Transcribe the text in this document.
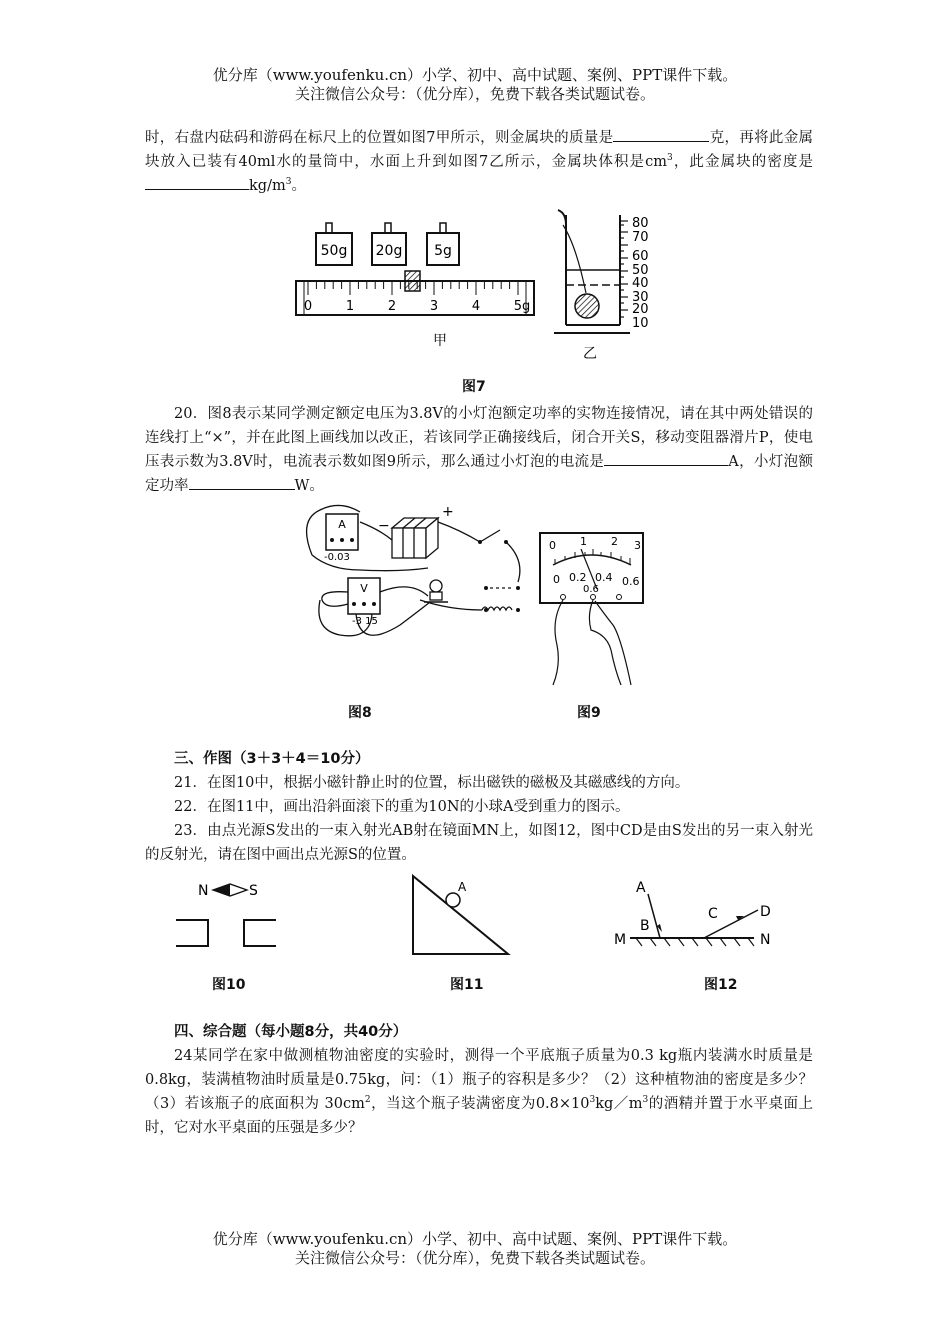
优分库（www.youfenku.cn）小学、初中、高中试题、案例、PPT课件下载。
关注微信公众号：（优分库），免费下载各类试题试卷。
时，右盘内砝码和游码在标尺上的位置如图7甲所示，则金属块的质量是	克，再将此金属块放入已装有40ml水的量筒中，水面上升到如图7乙所示，金属块体积是$cm^3$，此金属块的密度是$kg/m^3$。
50g 20g 5g
0	1	2	3	4	5g
甲
80
70
60
50
40
30
20
10
乙
图7
20．图8表示某同学测定额定电压为3.8V的小灯泡额定功率的实物连接情况，请在其中两处错误的连线打上“×”，并在此图上画线加以改正，若该同学正确接线后，闭合开关S，移动变阻器滑片P，使电压表示数为3.8V时，电流表示数如图9所示，那么通过小灯泡的电流是	A，小灯泡额定功率	W。
A
-0.03
−
+
V
-3 15
图8
0 1 2 3
0 0.2 0.4 0.6
0.6
图9
三、作图（3＋3＋4＝10分）
21．在图10中，根据小磁针静止时的位置，标出磁铁的磁极及其磁感线的方向。
22．在图11中，画出沿斜面滚下的重为10N的小球A受到重力的图示。
23．由点光源S发出的一束入射光AB射在镜面MN上，如图12，图中CD是由S发出的另一束入射光的反射光，请在图中画出点光源S的位置。
N	S
图10
A
图11
M	N
A
B
C	D
图12
四、综合题（每小题8分，共40分）
24某同学在家中做测植物油密度的实验时，测得一个平底瓶子质量为0.3 kg瓶内装满水时质量是0.8kg，装满植物油时质量是0.75kg，问：（1）瓶子的容积是多少？（2）这种植物油的密度是多少？（3）若该瓶子的底面积为 $30cm^2$，当这个瓶子装满密度为$0.8\times 10^3kg/m^3$的酒精并置于水平桌面上时，它对水平桌面的压强是多少？
优分库（www.youfenku.cn）小学、初中、高中试题、案例、PPT课件下载。
关注微信公众号：（优分库），免费下载各类试题试卷。
